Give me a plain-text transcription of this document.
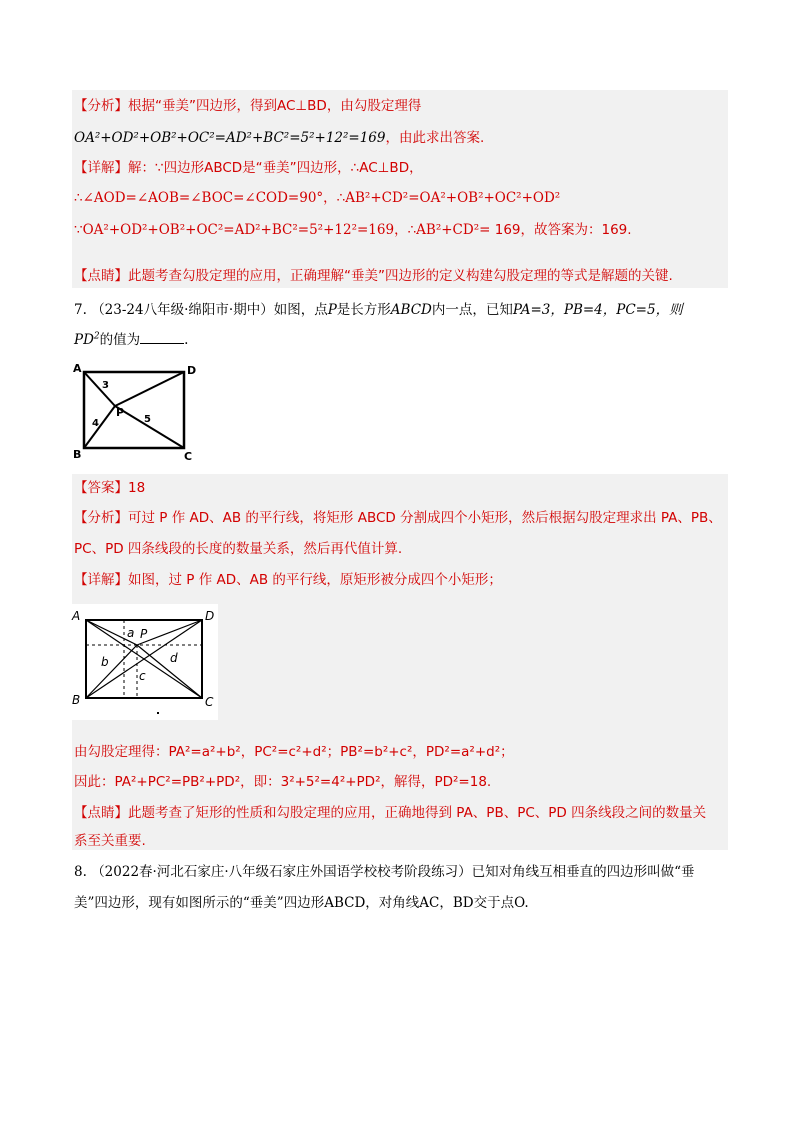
【分析】根据“垂美”四边形，得到AC⊥BD，由勾股定理得
OA²+OD²+OB²+OC²=AD²+BC²=5²+12²=169，由此求出答案.
【详解】解：∵四边形ABCD是“垂美”四边形，∴AC⊥BD，
∴∠AOD=∠AOB=∠BOC=∠COD=90°，∴AB²+CD²=OA²+OB²+OC²+OD²
∵OA²+OD²+OB²+OC²=AD²+BC²=5²+12²=169，∴AB²+CD²= 169，故答案为：169.
【点睛】此题考查勾股定理的应用，正确理解“垂美”四边形的定义构建勾股定理的等式是解题的关键.
7. （23-24八年级·绵阳市·期中）如图，点P是长方形ABCD内一点，已知PA=3，PB=4，PC=5，则
$PD^2$的值为	.
A	D
B	C
P
3
4	5
【答案】18
【分析】可过 P 作 AD、AB 的平行线，将矩形 ABCD 分割成四个小矩形，然后根据勾股定理求出 PA、PB、
PC、PD 四条线段的长度的数量关系，然后再代值计算.
【详解】如图，过 P 作 AD、AB 的平行线，原矩形被分成四个小矩形；
A	D
B	C
P
a
b
c
d
由勾股定理得：PA²=a²+b²，PC²=c²+d²；PB²=b²+c²，PD²=a²+d²；
因此：PA²+PC²=PB²+PD²，即：3²+5²=4²+PD²，解得，PD²=18.
【点睛】此题考查了矩形的性质和勾股定理的应用，正确地得到 PA、PB、PC、PD 四条线段之间的数量关
系至关重要.
8. （2022春·河北石家庄·八年级石家庄外国语学校校考阶段练习）已知对角线互相垂直的四边形叫做“垂
美”四边形，现有如图所示的“垂美”四边形ABCD，对角线AC，BD交于点O.
